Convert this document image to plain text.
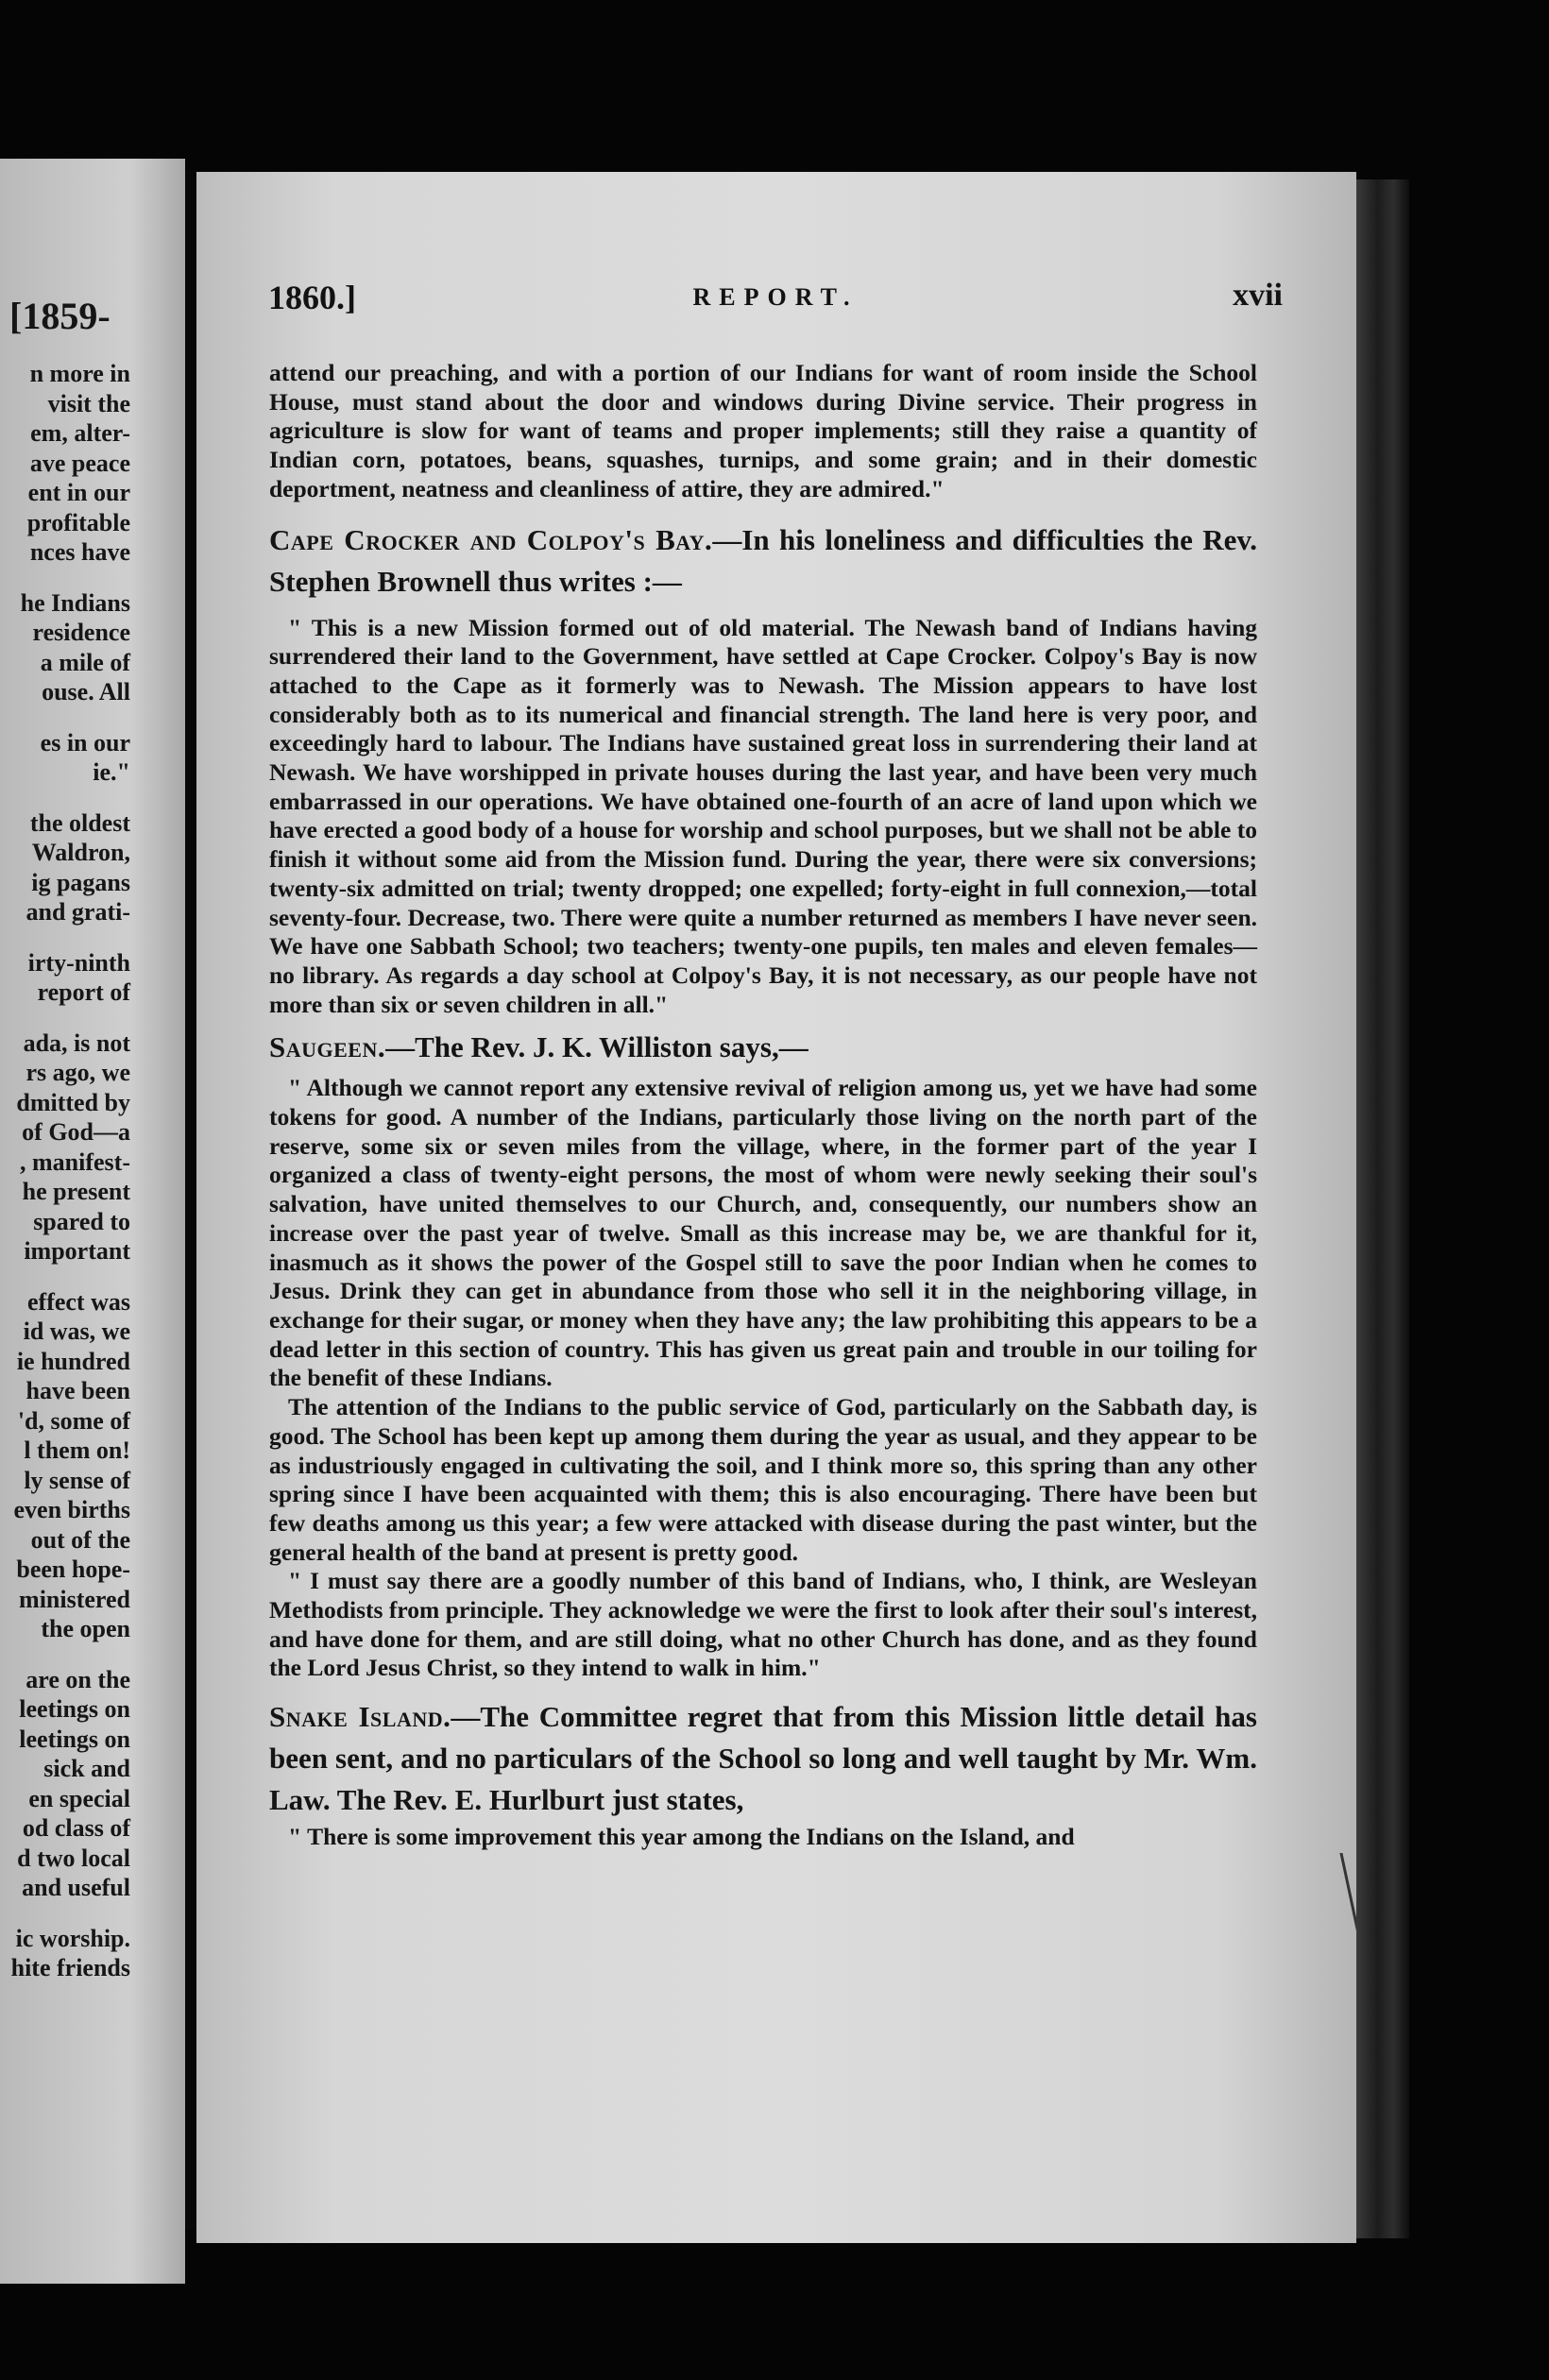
[1859-
n more in
visit the
em, alter-
ave peace
ent in our
profitable
nces have
he Indians
residence
a mile of
ouse. All
es in our
ie."
the oldest
Waldron,
ig pagans
and grati-
irty-ninth
report of
ada, is not
rs ago, we
dmitted by
of God—a
, manifest-
he present
spared to
important
effect was
id was, we
ie hundred
have been
'd, some of
l them on!
ly sense of
even births
out of the
been hope-
ministered
the open
are on the
leetings on
leetings on
sick and
en special
od class of
d two local
and useful
ic worship.
hite friends
1860.]	REPORT.	xvii

attend our preaching, and with a portion of our Indians for want of room inside the School House, must stand about the door and windows during Divine service. Their progress in agriculture is slow for want of teams and proper implements; still they raise a quantity of Indian corn, potatoes, beans, squashes, turnips, and some grain; and in their domestic deportment, neatness and cleanliness of attire, they are admired."

Cape Crocker and Colpoy's Bay.—In his loneliness and difficulties the Rev. Stephen Brownell thus writes :—

" This is a new Mission formed out of old material. The Newash band of Indians having surrendered their land to the Government, have settled at Cape Crocker. Colpoy's Bay is now attached to the Cape as it formerly was to Newash. The Mission appears to have lost considerably both as to its numerical and financial strength. The land here is very poor, and exceedingly hard to labour. The Indians have sustained great loss in surrendering their land at Newash. We have worshipped in private houses during the last year, and have been very much embarrassed in our operations. We have obtained one-fourth of an acre of land upon which we have erected a good body of a house for worship and school purposes, but we shall not be able to finish it without some aid from the Mission fund. During the year, there were six conversions; twenty-six admitted on trial; twenty dropped; one expelled; forty-eight in full connexion,—total seventy-four. Decrease, two. There were quite a number returned as members I have never seen. We have one Sabbath School; two teachers; twenty-one pupils, ten males and eleven females—no library. As regards a day school at Colpoy's Bay, it is not necessary, as our people have not more than six or seven children in all."

Saugeen.—The Rev. J. K. Williston says,—

" Although we cannot report any extensive revival of religion among us, yet we have had some tokens for good. A number of the Indians, particularly those living on the north part of the reserve, some six or seven miles from the village, where, in the former part of the year I organized a class of twenty-eight persons, the most of whom were newly seeking their soul's salvation, have united themselves to our Church, and, consequently, our numbers show an increase over the past year of twelve. Small as this increase may be, we are thankful for it, inasmuch as it shows the power of the Gospel still to save the poor Indian when he comes to Jesus. Drink they can get in abundance from those who sell it in the neighboring village, in exchange for their sugar, or money when they have any; the law prohibiting this appears to be a dead letter in this section of country. This has given us great pain and trouble in our toiling for the benefit of these Indians.

The attention of the Indians to the public service of God, particularly on the Sabbath day, is good. The School has been kept up among them during the year as usual, and they appear to be as industriously engaged in cultivating the soil, and I think more so, this spring than any other spring since I have been acquainted with them; this is also encouraging. There have been but few deaths among us this year; a few were attacked with disease during the past winter, but the general health of the band at present is pretty good.

" I must say there are a goodly number of this band of Indians, who, I think, are Wesleyan Methodists from principle. They acknowledge we were the first to look after their soul's interest, and have done for them, and are still doing, what no other Church has done, and as they found the Lord Jesus Christ, so they intend to walk in him."

Snake Island.—The Committee regret that from this Mission little detail has been sent, and no particulars of the School so long and well taught by Mr. Wm. Law. The Rev. E. Hurlburt just states,

" There is some improvement this year among the Indians on the Island, and
